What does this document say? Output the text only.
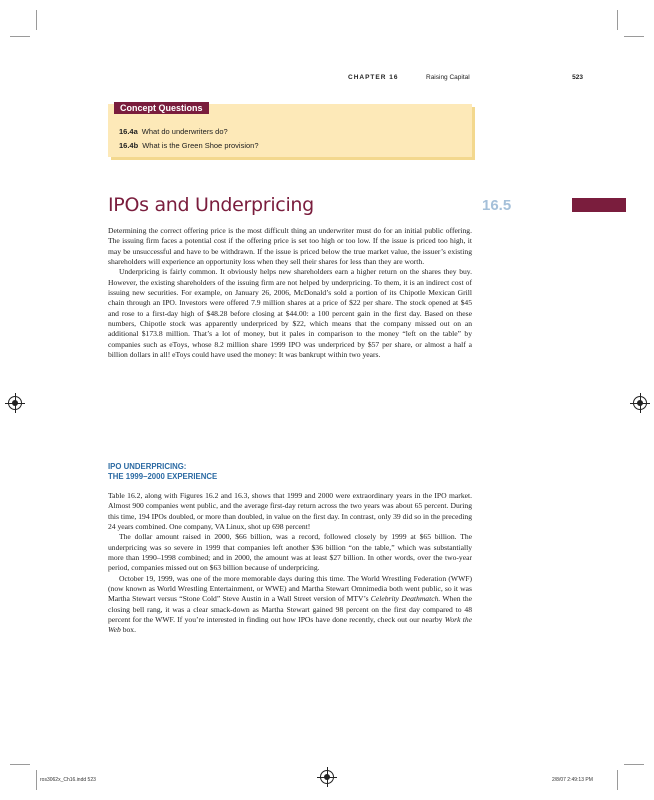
CHAPTER 16	Raising Capital	523
Concept Questions
16.4a What do underwriters do?
16.4b What is the Green Shoe provision?
IPOs and Underpricing	16.5

Determining the correct offering price is the most difficult thing an underwriter must do for an initial public offering. The issuing firm faces a potential cost if the offering price is set too high or too low. If the issue is priced too high, it may be unsuccessful and have to be withdrawn. If the issue is priced below the true market value, the issuer’s existing shareholders will experience an opportunity loss when they sell their shares for less than they are worth.

Underpricing is fairly common. It obviously helps new shareholders earn a higher return on the shares they buy. However, the existing shareholders of the issuing firm are not helped by underpricing. To them, it is an indirect cost of issuing new securities. For example, on January 26, 2006, McDonald’s sold a portion of its Chipotle Mexican Grill chain through an IPO. Investors were offered 7.9 million shares at a price of $22 per share. The stock opened at $45 and rose to a first-day high of $48.28 before closing at $44.00: a 100 percent gain in the first day. Based on these numbers, Chipotle stock was apparently underpriced by $22, which means that the company missed out on an additional $173.8 million. That’s a lot of money, but it pales in comparison to the money “left on the table” by companies such as eToys, whose 8.2 million share 1999 IPO was underpriced by $57 per share, or almost a half a billion dollars in all! eToys could have used the money: It was bankrupt within two years.

IPO UNDERPRICING:
THE 1999–2000 EXPERIENCE

Table 16.2, along with Figures 16.2 and 16.3, shows that 1999 and 2000 were extraordinary years in the IPO market. Almost 900 companies went public, and the average first-day return across the two years was about 65 percent. During this time, 194 IPOs doubled, or more than doubled, in value on the first day. In contrast, only 39 did so in the preceding 24 years combined. One company, VA Linux, shot up 698 percent!

The dollar amount raised in 2000, $66 billion, was a record, followed closely by 1999 at $65 billion. The underpricing was so severe in 1999 that companies left another $36 billion “on the table,” which was substantially more than 1990–1998 combined; and in 2000, the amount was at least $27 billion. In other words, over the two-year period, companies missed out on $63 billion because of underpricing.

October 19, 1999, was one of the more memorable days during this time. The World Wrestling Federation (WWF) (now known as World Wrestling Entertainment, or WWE) and Martha Stewart Omnimedia both went public, so it was Martha Stewart versus “Stone Cold” Steve Austin in a Wall Street version of MTV’s Celebrity Deathmatch. When the closing bell rang, it was a clear smack-down as Martha Stewart gained 98 percent on the first day compared to 48 percent for the WWF. If you’re interested in finding out how IPOs have done recently, check out our nearby Work the Web box.

ros3062x_Ch16.indd 523	2/8/07 2:49:13 PM
